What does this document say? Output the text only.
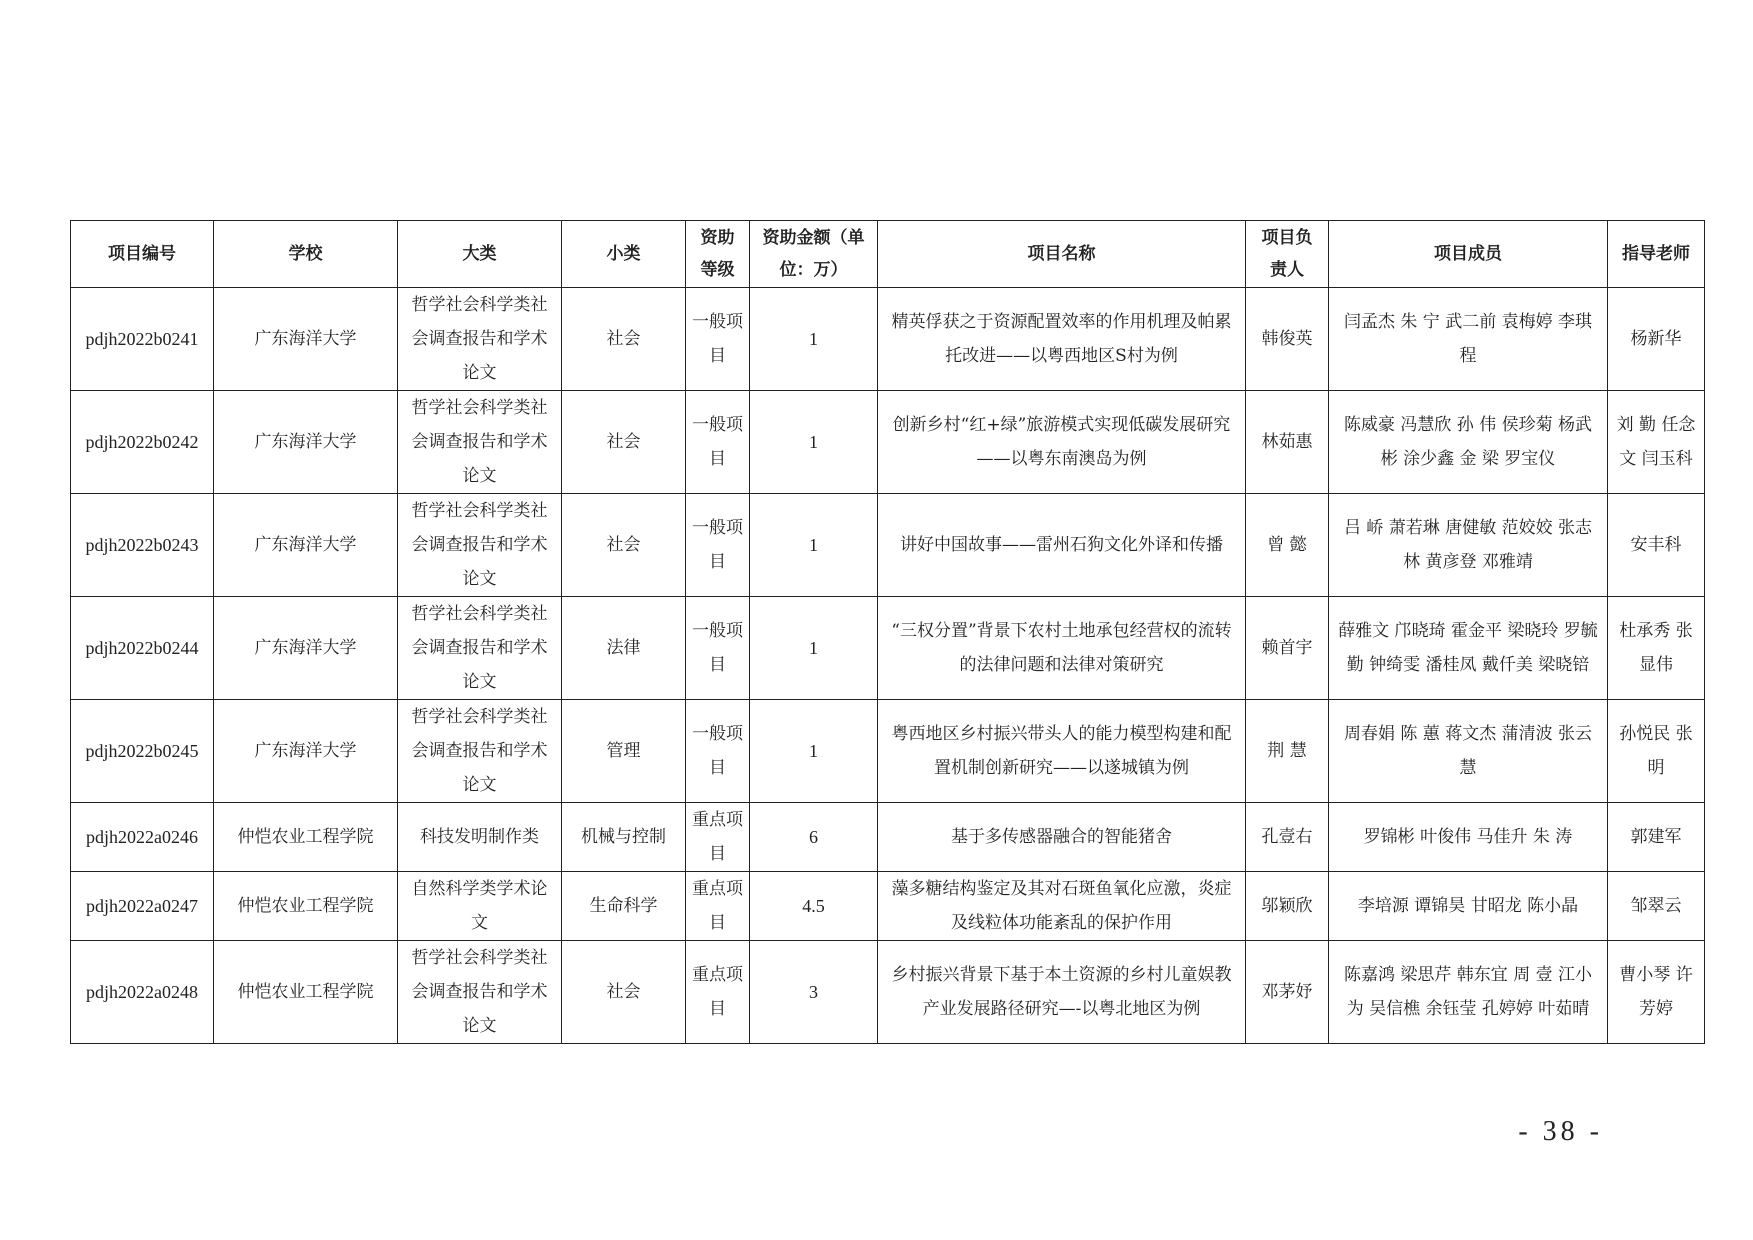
项目编号	学校	大类	小类	资助等级	资助金额（单位：万）	项目名称	项目负责人	项目成员	指导老师
pdjh2022b0241	广东海洋大学	哲学社会科学类社会调查报告和学术论文	社会	一般项目	1	精英俘获之于资源配置效率的作用机理及帕累托改进——以粤西地区S村为例	韩俊英	闫孟杰 朱 宁 武二前 袁梅婷 李琪程	杨新华
pdjh2022b0242	广东海洋大学	哲学社会科学类社会调查报告和学术论文	社会	一般项目	1	创新乡村“红+绿”旅游模式实现低碳发展研究——以粤东南澳岛为例	林茹惠	陈威豪 冯慧欣 孙 伟 侯珍菊 杨武彬 涂少鑫 金 梁 罗宝仪	刘 勤 任念文 闫玉科
pdjh2022b0243	广东海洋大学	哲学社会科学类社会调查报告和学术论文	社会	一般项目	1	讲好中国故事——雷州石狗文化外译和传播	曾 懿	吕 峤 萧若琳 唐健敏 范姣姣 张志林 黄彦登 邓雅靖	安丰科
pdjh2022b0244	广东海洋大学	哲学社会科学类社会调查报告和学术论文	法律	一般项目	1	“三权分置”背景下农村土地承包经营权的流转的法律问题和法律对策研究	赖首宇	薛雅文 邝晓琦 霍金平 梁晓玲 罗毓勤 钟绮雯 潘桂凤 戴仟美 梁晓锫	杜承秀 张显伟
pdjh2022b0245	广东海洋大学	哲学社会科学类社会调查报告和学术论文	管理	一般项目	1	粤西地区乡村振兴带头人的能力模型构建和配置机制创新研究——以遂城镇为例	荆 慧	周春娟 陈 蕙 蒋文杰 蒲清波 张云慧	孙悦民 张 明
pdjh2022a0246	仲恺农业工程学院	科技发明制作类	机械与控制	重点项目	6	基于多传感器融合的智能猪舍	孔壹右	罗锦彬 叶俊伟 马佳升 朱 涛	郭建军
pdjh2022a0247	仲恺农业工程学院	自然科学类学术论文	生命科学	重点项目	4.5	藻多糖结构鉴定及其对石斑鱼氧化应激，炎症及线粒体功能紊乱的保护作用	邬颖欣	李培源 谭锦昊 甘昭龙 陈小晶	邹翠云
pdjh2022a0248	仲恺农业工程学院	哲学社会科学类社会调查报告和学术论文	社会	重点项目	3	乡村振兴背景下基于本土资源的乡村儿童娱教产业发展路径研究—-以粤北地区为例	邓茅妤	陈嘉鸿 梁思芹 韩东宜 周 壹 江小为 吴信樵 余钰莹 孔婷婷 叶茹晴	曹小琴 许芳婷
- 38 -
